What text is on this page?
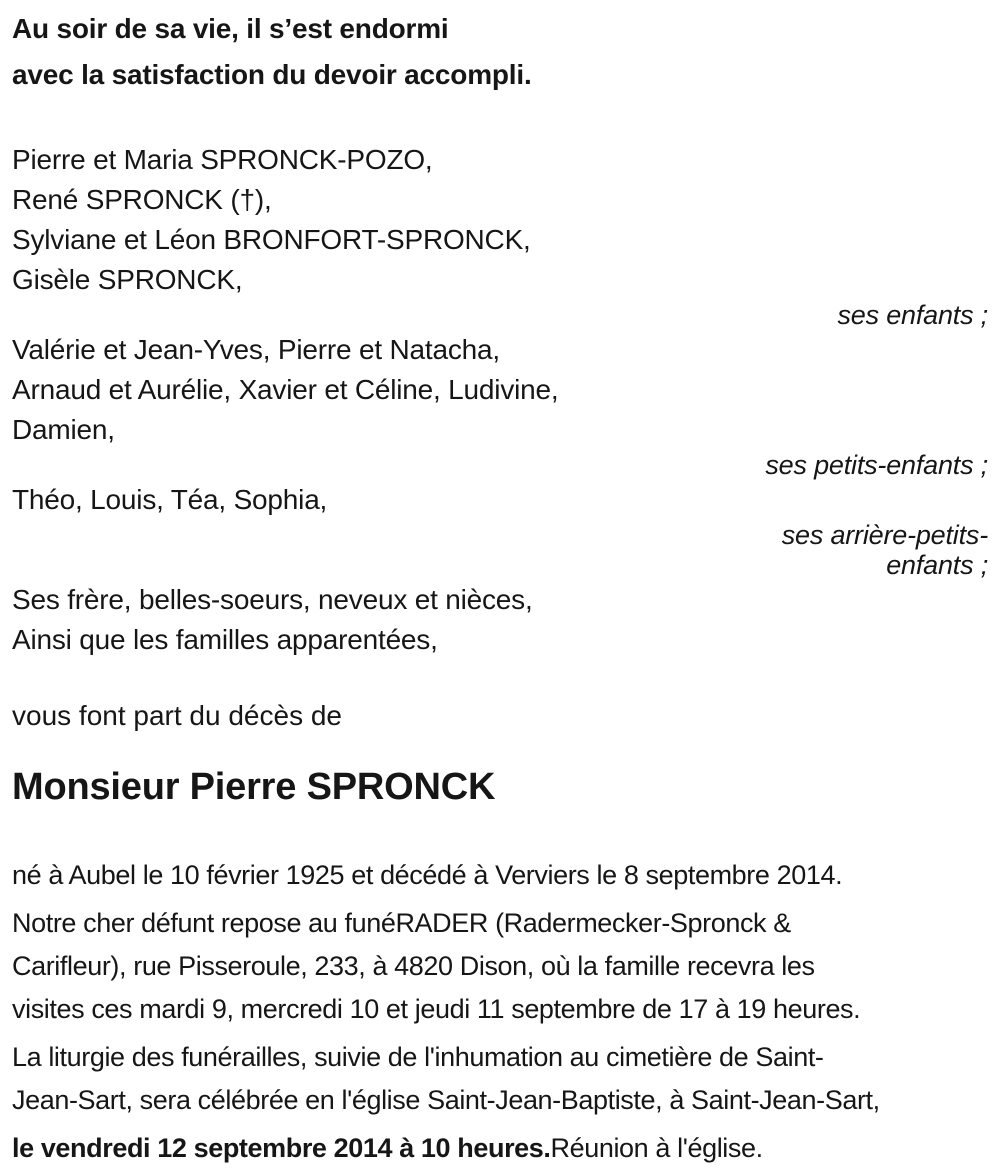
Au soir de sa vie, il s’est endormi
avec la satisfaction du devoir accompli.
Pierre et Maria SPRONCK-POZO,
René SPRONCK (†),
Sylviane et Léon BRONFORT-SPRONCK,
Gisèle SPRONCK,
ses enfants ;
Valérie et Jean-Yves, Pierre et Natacha,
Arnaud et Aurélie, Xavier et Céline, Ludivine,
Damien,
ses petits-enfants ;
Théo, Louis, Téa, Sophia,
ses arrière-petits-
enfants ;
Ses frère, belles-soeurs, neveux et nièces,
Ainsi que les familles apparentées,

vous font part du décès de

Monsieur Pierre SPRONCK
né à Aubel le 10 février 1925 et décédé à Verviers le 8 septembre 2014.
Notre cher défunt repose au funéRADER (Radermecker-Spronck &
Carifleur), rue Pisseroule, 233, à 4820 Dison, où la famille recevra les
visites ces mardi 9, mercredi 10 et jeudi 11 septembre de 17 à 19 heures.
La liturgie des funérailles, suivie de l'inhumation au cimetière de Saint-
Jean-Sart, sera célébrée en l'église Saint-Jean-Baptiste, à Saint-Jean-Sart,
le vendredi 12 septembre 2014 à 10 heures.Réunion à l'église.
